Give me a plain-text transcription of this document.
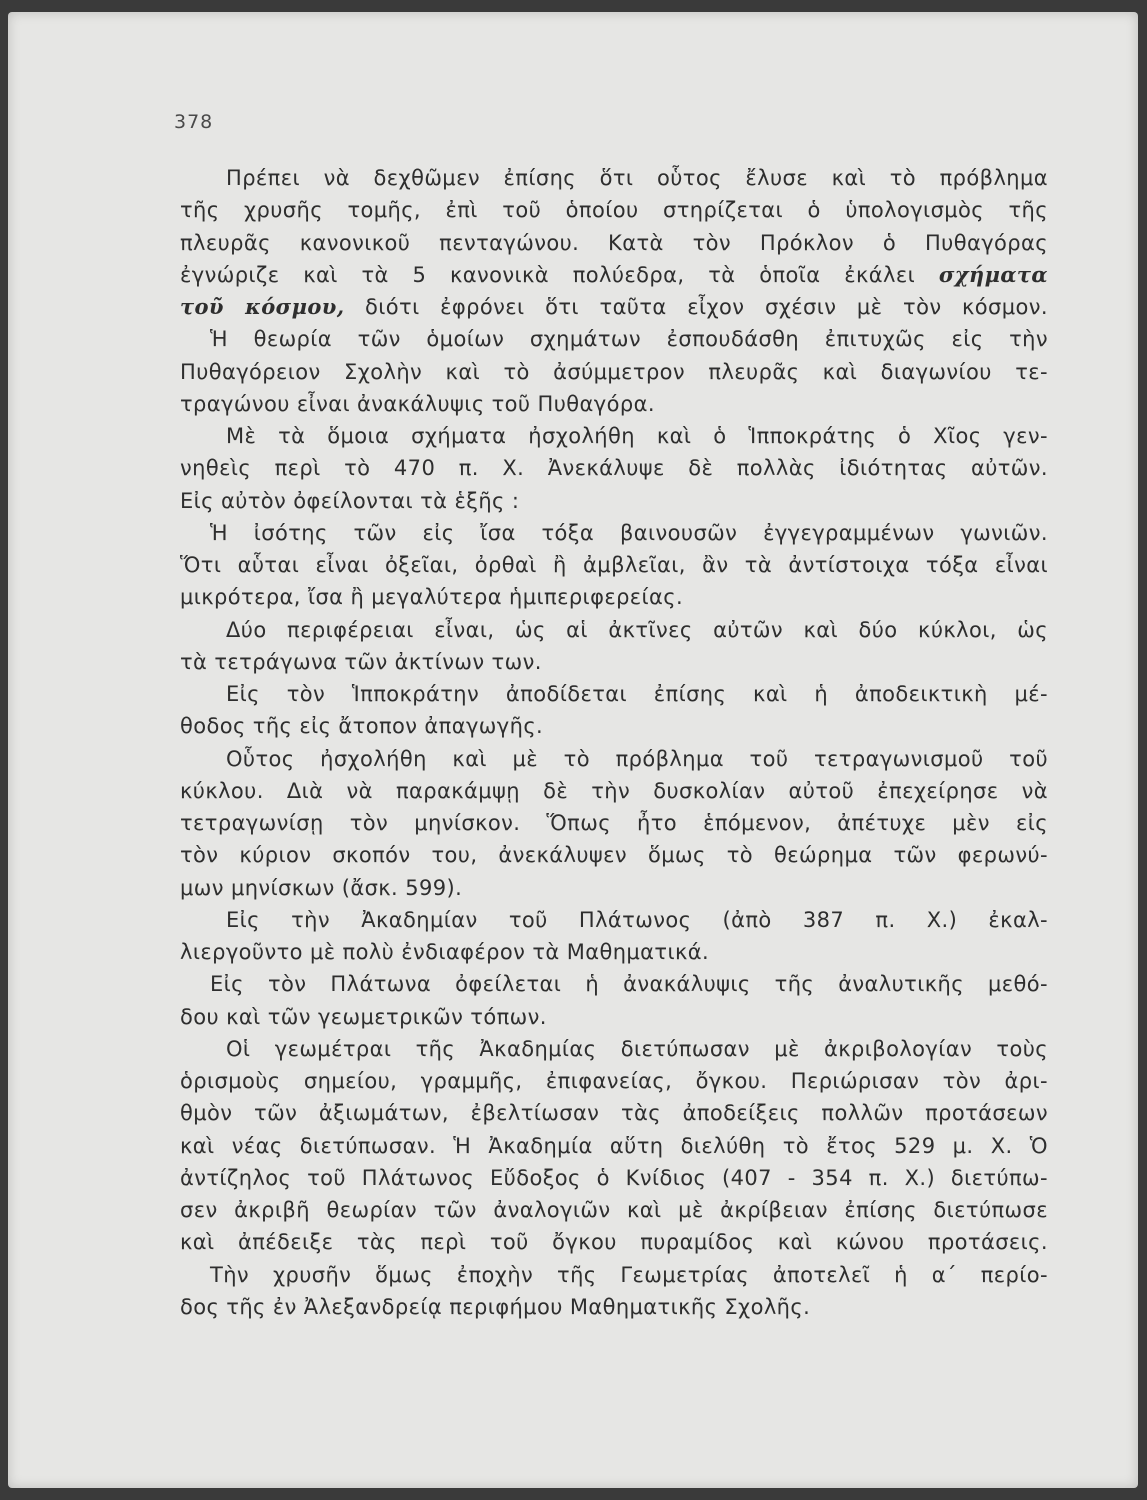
378
Πρέπει νὰ δεχθῶμεν ἐπίσης ὅτι οὗτος ἔλυσε καὶ τὸ πρόβλημα
τῆς χρυσῆς τομῆς, ἐπὶ τοῦ ὁποίου στηρίζεται ὁ ὑπολογισμὸς τῆς
πλευρᾶς κανονικοῦ πενταγώνου. Κατὰ τὸν Πρόκλον ὁ Πυθαγόρας
ἐγνώριζε καὶ τὰ 5 κανονικὰ πολύεδρα, τὰ ὁποῖα ἐκάλει σχήματα
τοῦ κόσμου, διότι ἐφρόνει ὅτι ταῦτα εἶχον σχέσιν μὲ τὸν κόσμον.
Ἡ θεωρία τῶν ὁμοίων σχημάτων ἐσπουδάσθη ἐπιτυχῶς εἰς τὴν
Πυθαγόρειον Σχολὴν καὶ τὸ ἀσύμμετρον πλευρᾶς καὶ διαγωνίου τε-
τραγώνου εἶναι ἀνακάλυψις τοῦ Πυθαγόρα.
Μὲ τὰ ὅμοια σχήματα ἠσχολήθη καὶ ὁ Ἱπποκράτης ὁ Χῖος γεν-
νηθεὶς περὶ τὸ 470 π. Χ. Ἀνεκάλυψε δὲ πολλὰς ἰδιότητας αὐτῶν.
Εἰς αὐτὸν ὀφείλονται τὰ ἑξῆς :
Ἡ ἰσότης τῶν εἰς ἴσα τόξα βαινουσῶν ἐγγεγραμμένων γωνιῶν.
Ὅτι αὗται εἶναι ὀξεῖαι, ὀρθαὶ ἢ ἀμβλεῖαι, ἂν τὰ ἀντίστοιχα τόξα εἶναι
μικρότερα, ἴσα ἢ μεγαλύτερα ἡμιπεριφερείας.
Δύο περιφέρειαι εἶναι, ὡς αἱ ἀκτῖνες αὐτῶν καὶ δύο κύκλοι, ὡς
τὰ τετράγωνα τῶν ἀκτίνων των.
Εἰς τὸν Ἱπποκράτην ἀποδίδεται ἐπίσης καὶ ἡ ἀποδεικτικὴ μέ-
θοδος τῆς εἰς ἄτοπον ἀπαγωγῆς.
Οὗτος ἠσχολήθη καὶ μὲ τὸ πρόβλημα τοῦ τετραγωνισμοῦ τοῦ
κύκλου. Διὰ νὰ παρακάμψῃ δὲ τὴν δυσκολίαν αὐτοῦ ἐπεχείρησε νὰ
τετραγωνίσῃ τὸν μηνίσκον. Ὅπως ἦτο ἑπόμενον, ἀπέτυχε μὲν εἰς
τὸν κύριον σκοπόν του, ἀνεκάλυψεν ὅμως τὸ θεώρημα τῶν φερωνύ-
μων μηνίσκων (ἄσκ. 599).
Εἰς τὴν Ἀκαδημίαν τοῦ Πλάτωνος (ἀπὸ 387 π. Χ.) ἐκαλ-
λιεργοῦντο μὲ πολὺ ἐνδιαφέρον τὰ Μαθηματικά.
Εἰς τὸν Πλάτωνα ὀφείλεται ἡ ἀνακάλυψις τῆς ἀναλυτικῆς μεθό-
δου καὶ τῶν γεωμετρικῶν τόπων.
Οἱ γεωμέτραι τῆς Ἀκαδημίας διετύπωσαν μὲ ἀκριβολογίαν τοὺς
ὁρισμοὺς σημείου, γραμμῆς, ἐπιφανείας, ὄγκου. Περιώρισαν τὸν ἀρι-
θμὸν τῶν ἀξιωμάτων, ἐβελτίωσαν τὰς ἀποδείξεις πολλῶν προτάσεων
καὶ νέας διετύπωσαν. Ἡ Ἀκαδημία αὕτη διελύθη τὸ ἔτος 529 μ. Χ. Ὁ
ἀντίζηλος τοῦ Πλάτωνος Εὔδοξος ὁ Κνίδιος (407 - 354 π. Χ.) διετύπω-
σεν ἀκριβῆ θεωρίαν τῶν ἀναλογιῶν καὶ μὲ ἀκρίβειαν ἐπίσης διετύπωσε
καὶ ἀπέδειξε τὰς περὶ τοῦ ὄγκου πυραμίδος καὶ κώνου προτάσεις.
Τὴν χρυσῆν ὅμως ἐποχὴν τῆς Γεωμετρίας ἀποτελεῖ ἡ α΄ περίο-
δος τῆς ἐν Ἀλεξανδρείᾳ περιφήμου Μαθηματικῆς Σχολῆς.
